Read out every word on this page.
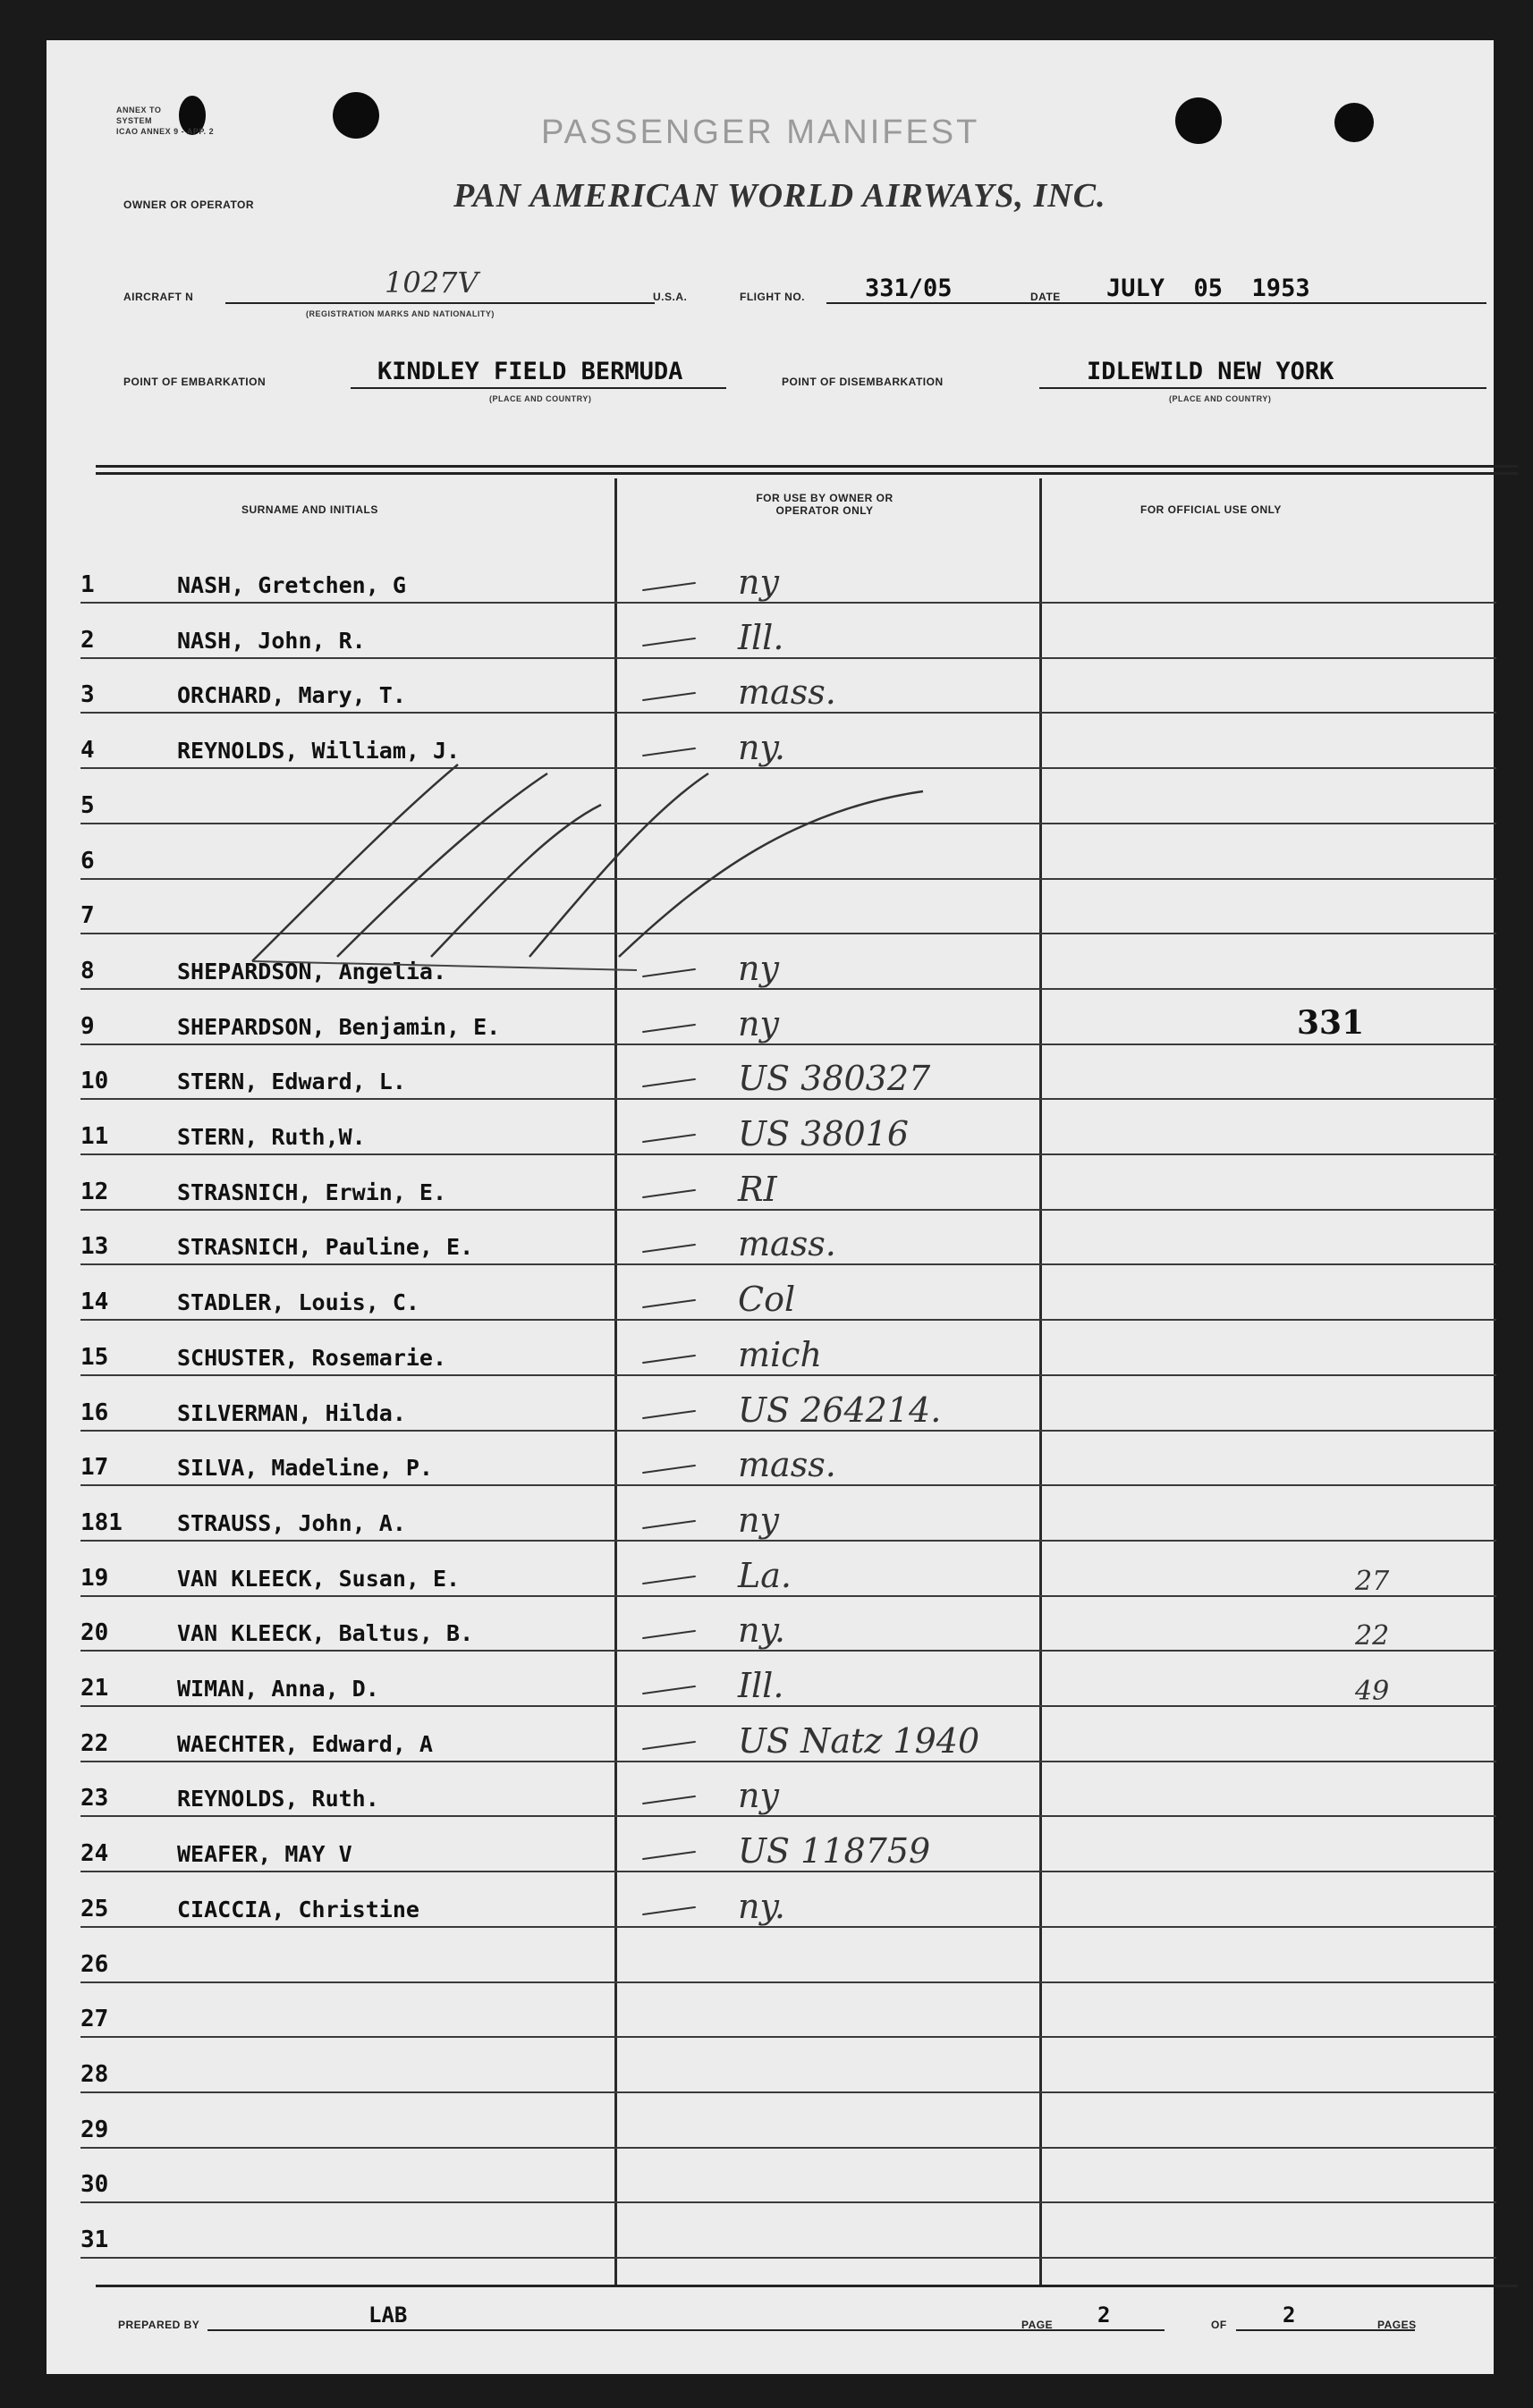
ANNEX TO
SYSTEM
ICAO ANNEX 9 - APP. 2	PASSENGER MANIFEST
OWNER OR OPERATOR	PAN AMERICAN WORLD AIRWAYS, INC.
AIRCRAFT N	1027V
(REGISTRATION MARKS AND NATIONALITY)
U.S.A.	FLIGHT NO. 331/05	DATE JULY  05  1953
POINT OF EMBARKATION	KINDLEY FIELD BERMUDA
(PLACE AND COUNTRY)
POINT OF DISEMBARKATION	IDLEWILD NEW YORK
(PLACE AND COUNTRY)
SURNAME AND INITIALS
FOR USE BY OWNER OR OPERATOR ONLY	FOR OFFICIAL USE ONLY
1	NASH, Gretchen, G	ny
2	NASH, John, R.	Ill.
3	ORCHARD, Mary, T.	mass.
4	REYNOLDS, William, J.	ny.
5
6
7
8	SHEPARDSON, Angelia.	ny
9	SHEPARDSON, Benjamin, E.	ny	331
10	STERN, Edward, L.	US 380327
11	STERN, Ruth,W.	US 38016
12	STRASNICH, Erwin, E.	RI
13	STRASNICH, Pauline, E.	mass.
14	STADLER, Louis, C.	Col
15	SCHUSTER, Rosemarie.	mich
16	SILVERMAN, Hilda.	US 264214.
17	SILVA, Madeline, P.	mass.
181	STRAUSS, John, A.	ny
19	VAN KLEECK, Susan, E.	La.	27
20	VAN KLEECK, Baltus, B.	ny.	22
21	WIMAN, Anna, D.	Ill.	49
22	WAECHTER, Edward, A	US Natz 1940
23	REYNOLDS, Ruth.	ny
24	WEAFER, MAY V	US 118759
25	CIACCIA, Christine	ny.
26
27
28
29
30
31
PREPARED BY	LAB	PAGE 2	OF	2	PAGES
